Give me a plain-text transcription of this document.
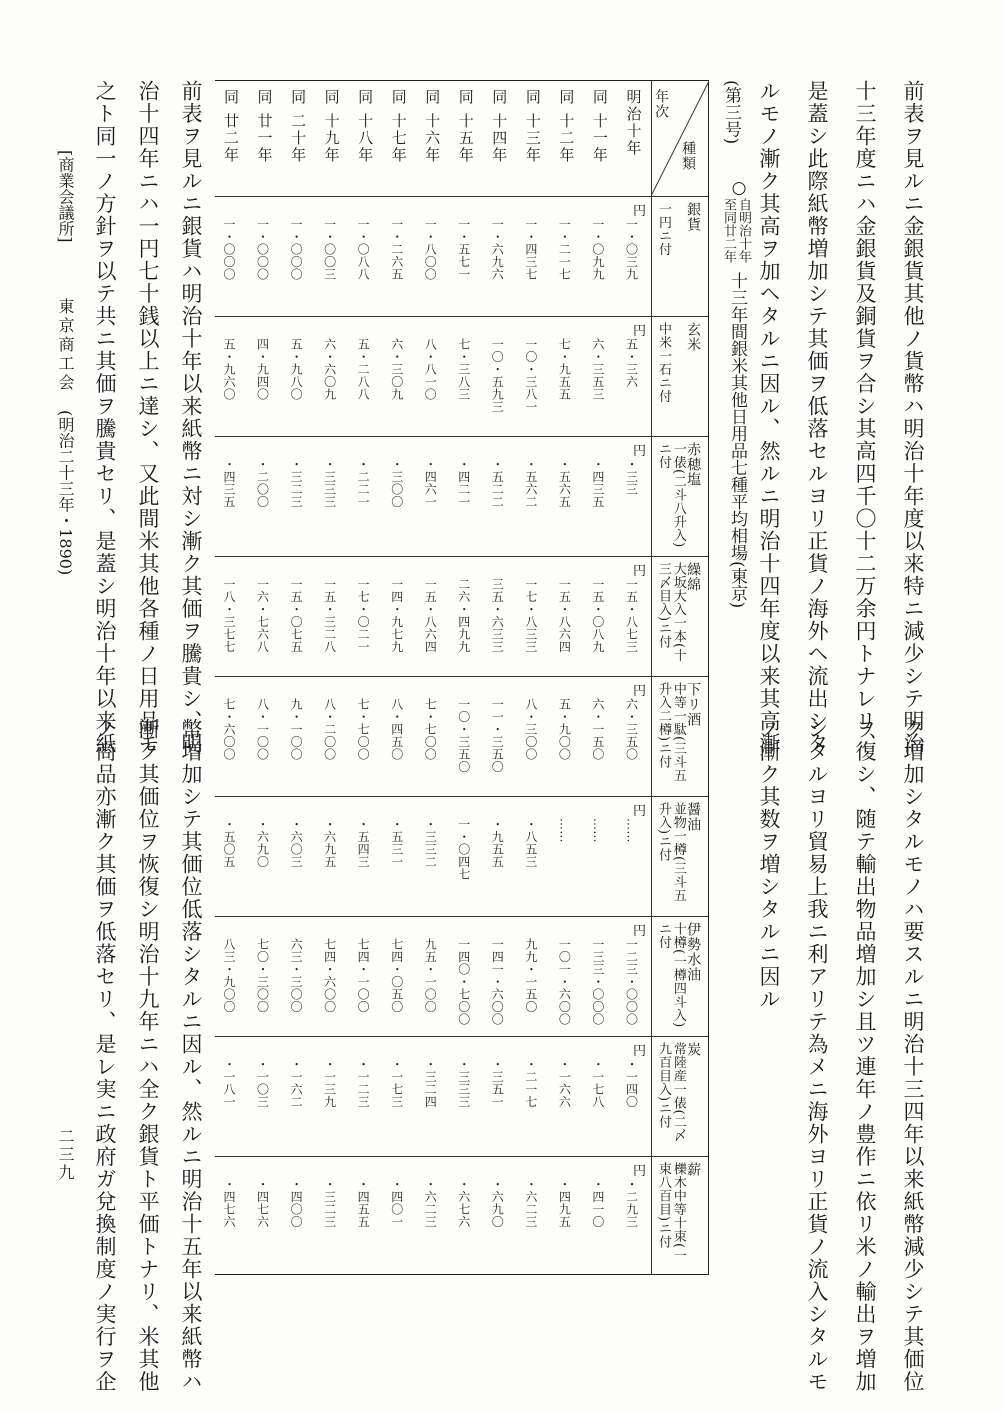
前表ヲ見ルニ金銀貨其他ノ貨幣ハ明治十年度以来特ニ減少シテ明治
十三年度ニハ金銀貨及銅貨ヲ合シ其高四千〇十二万余円トナレリ、
是蓋シ此際紙幣増加シテ其価ヲ低落セルヨリ正貨ノ海外ヘ流出シタ
ルモノ漸ク其高ヲ加ヘタルニ因ル、然ルニ明治十四年度以来其高漸
ク増加シタルモノハ要スルニ明治十三四年以来紙幣減少シテ其価位
ヲ復シ、随テ輸出物品増加シ且ツ連年ノ豊作ニ依リ米ノ輸出ヲ増加
シタルヨリ貿易上我ニ利アリテ為メニ海外ヨリ正貨ノ流入シタルモ
ノ漸ク其数ヲ増シタルニ因ル
(第三号)
○
自明治十年
至同廿二年
十三年間銀米其他日用品七種平均相場(東京)
年次
種類
銀貨
一円ニ付
円
玄米
中米一石ニ付
円
赤穂塩
一俵(二斗八升入)ニ付
円
繰綿
大坂大入一本(十三〆目入)ニ付
円
下リ酒
中等一駄(三斗五升入二樽)ニ付
円
醤油
並物一樽(三斗五升入)ニ付
円
伊勢水油
十樽(一樽四斗入)ニ付
円
炭
常陸産一俵(二〆九百目入)ニ付
円
薪
櫟木中等十束(一束八百目)ニ付
円
明治十年
一・〇三九
五・三六
・三三
一五・八七三
六・三五〇
……
一二三・〇〇〇
・一四〇
・二九三
同 十一年
一・〇九九
六・三五三
・四三五
一五・〇八九
六・一五〇
……
一三三・〇〇〇
・一七八
・四一〇
同 十二年
一・二一七
七・九五五
・五六五
一五・八六四
五・九〇〇
……
一〇一・六〇〇
・一六六
・四九五
同 十三年
一・四三七
一〇・三八一
・五六二
一七・八三三
八・三〇〇
・八五三
九九・一五〇
・二一七
・六二三
同 十四年
一・六九六
一〇・五九三
・五二二
三五・六三三
一一・三五〇
・九五五
一四一・六〇〇
・三五一
・六九〇
同 十五年
一・五七一
七・三八三
・四二一
二六・四九九
一〇・三五〇
一・〇四七
一四〇・七〇〇
・三三三
・六七六
同 十六年
一・八〇〇
八・八一〇
・四六一
一五・八六四
七・七〇〇
・三三二
九五・一〇〇
・三二四
・六二三
同 十七年
一・二六五
六・三〇九
・三〇〇
一四・九七九
八・四五〇
・五三一
七四・〇五〇
・一七三
・四〇一
同 十八年
一・〇八八
五・二八八
・二二一
一七・〇二一
七・七〇〇
・五四三
七四・一〇〇
・一二三
・四五五
同 十九年
一・〇〇三
六・六〇九
・三三三
一五・三二八
八・二〇〇
・六九五
七四・六〇〇
・一三九
・三二三
同 二十年
一・〇〇〇
五・九八〇
・三二三
一五・〇七五
九・一〇〇
・六〇三
六三・三〇〇
・一六二
・四〇〇
同 廿一年
一・〇〇〇
四・九四〇
・二〇〇
一六・七六八
八・一〇〇
・六九〇
七〇・三〇〇
・一〇三
・四七六
同 廿二年
一・〇〇〇
五・九六〇
・四三五
一八・三七七
七・六〇〇
・五〇五
八三・九〇〇
・一八一
・四七六
前表ヲ見ルニ銀貨ハ明治十年以来紙幣ニ対シ漸ク其価ヲ騰貴シ、明
治十四年ニハ一円七十銭以上ニ達シ、又此間米其他各種ノ日用品モ
之ト同一ノ方針ヲ以テ共ニ其価ヲ騰貴セリ、是蓋シ明治十年以来紙
幣増加シテ其価位低落シタルニ因ル、然ルニ明治十五年以来紙幣ハ
漸ク其価位ヲ恢復シ明治十九年ニハ全ク銀貨ト平価トナリ、米其他
ノ商品亦漸ク其価ヲ低落セリ、是レ実ニ政府ガ兌換制度ノ実行ヲ企
[商業会議所]
東京商工会
(明治二十三年・1890)
二三九
